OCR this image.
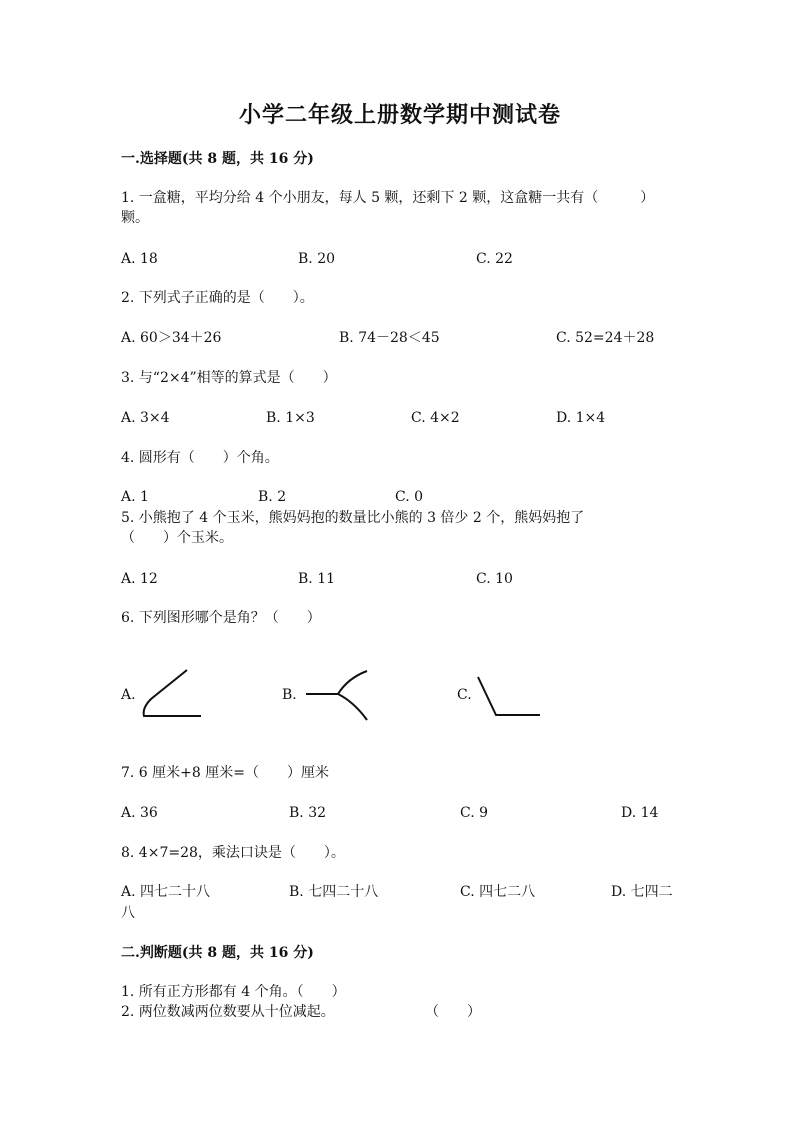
小学二年级上册数学期中测试卷
一.选择题(共 8 题，共 16 分)
1. 一盒糖，平均分给 4 个小朋友，每人 5 颗，还剩下 2 颗，这盒糖一共有（　　　）
颗。
A. 18	B. 20	C. 22
2. 下列式子正确的是（　　）。
A. 60＞34＋26	B. 74－28＜45	C. 52=24＋28
3. 与“2×4”相等的算式是（　　）
A. 3×4	B. 1×3	C. 4×2	D. 1×4
4. 圆形有（　　）个角。
A. 1	B. 2	C. 0
5. 小熊抱了 4 个玉米，熊妈妈抱的数量比小熊的 3 倍少 2 个，熊妈妈抱了
（　　）个玉米。
A. 12	B. 11	C. 10
6. 下列图形哪个是角？（　　）
A.	B.	C.
7. 6 厘米+8 厘米=（　　）厘米
A. 36	B. 32	C. 9	D. 14
8. 4×7=28，乘法口诀是（　　）。
A. 四七二十八	B. 七四二十八	C. 四七二八	D. 七四二
八
二.判断题(共 8 题，共 16 分)
1. 所有正方形都有 4 个角。（　　）
2. 两位数减两位数要从十位减起。	（　　）
